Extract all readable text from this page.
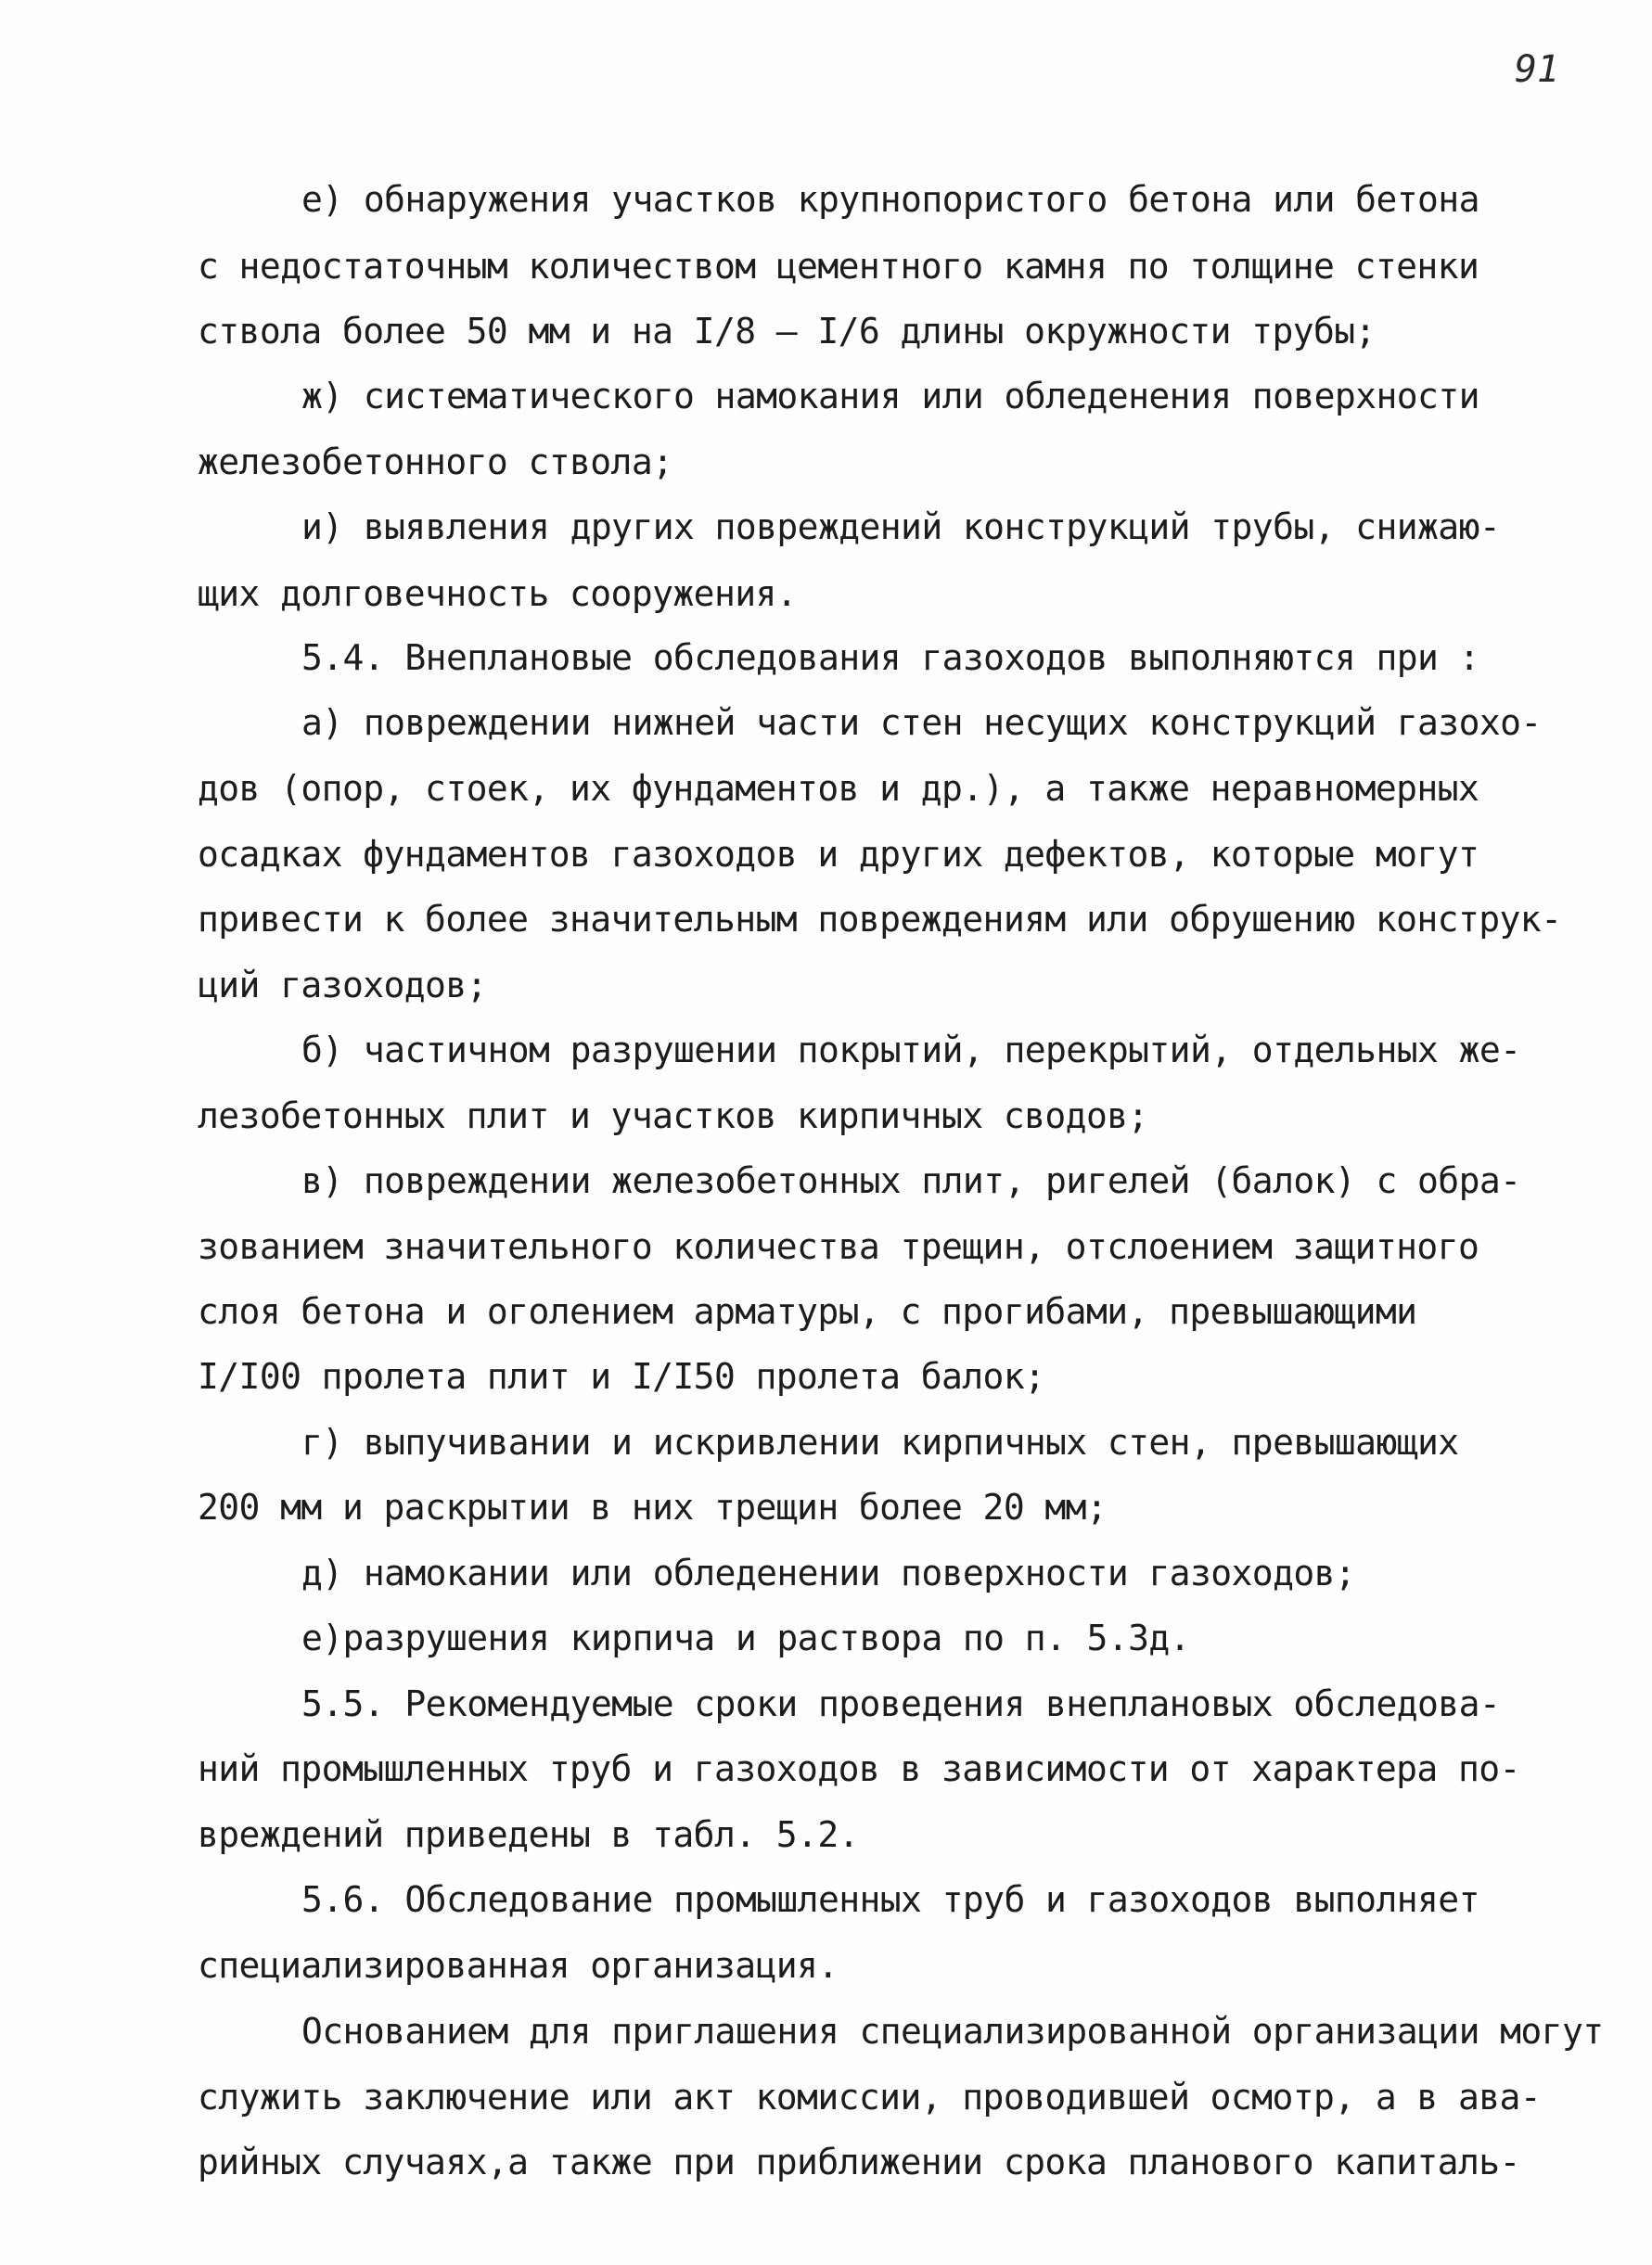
91
е) обнаружения участков крупнопористого бетона или бетона
с недостаточным количеством цементного камня по толщине стенки
ствола более 50 мм и на I/8 – I/6 длины окружности трубы;
ж) систематического намокания или обледенения поверхности
железобетонного ствола;
и) выявления других повреждений конструкций трубы, снижаю-
щих долговечность сооружения.
5.4. Внеплановые обследования газоходов выполняются при :
а) повреждении нижней части стен несущих конструкций газохо-
дов (опор, стоек, их фундаментов и др.), а также неравномерных
осадках фундаментов газоходов и других дефектов, которые могут
привести к более значительным повреждениям или обрушению конструк-
ций газоходов;
б) частичном разрушении покрытий, перекрытий, отдельных же-
лезобетонных плит и участков кирпичных сводов;
в) повреждении железобетонных плит, ригелей (балок) с обра-
зованием значительного количества трещин, отслоением защитного
слоя бетона и оголением арматуры, с прогибами, превышающими
I/I00 пролета плит и I/I50 пролета балок;
г) выпучивании и искривлении кирпичных стен, превышающих
200 мм и раскрытии в них трещин более 20 мм;
д) намокании или обледенении поверхности газоходов;
е)разрушения кирпича и раствора по п. 5.3д.
5.5. Рекомендуемые сроки проведения внеплановых обследова-
ний промышленных труб и газоходов в зависимости от характера по-
вреждений приведены в табл. 5.2.
5.6. Обследование промышленных труб и газоходов выполняет
специализированная организация.
Основанием для приглашения специализированной организации могут
служить заключение или акт комиссии, проводившей осмотр, а в ава-
рийных случаях,а также при приближении срока планового капиталь-
